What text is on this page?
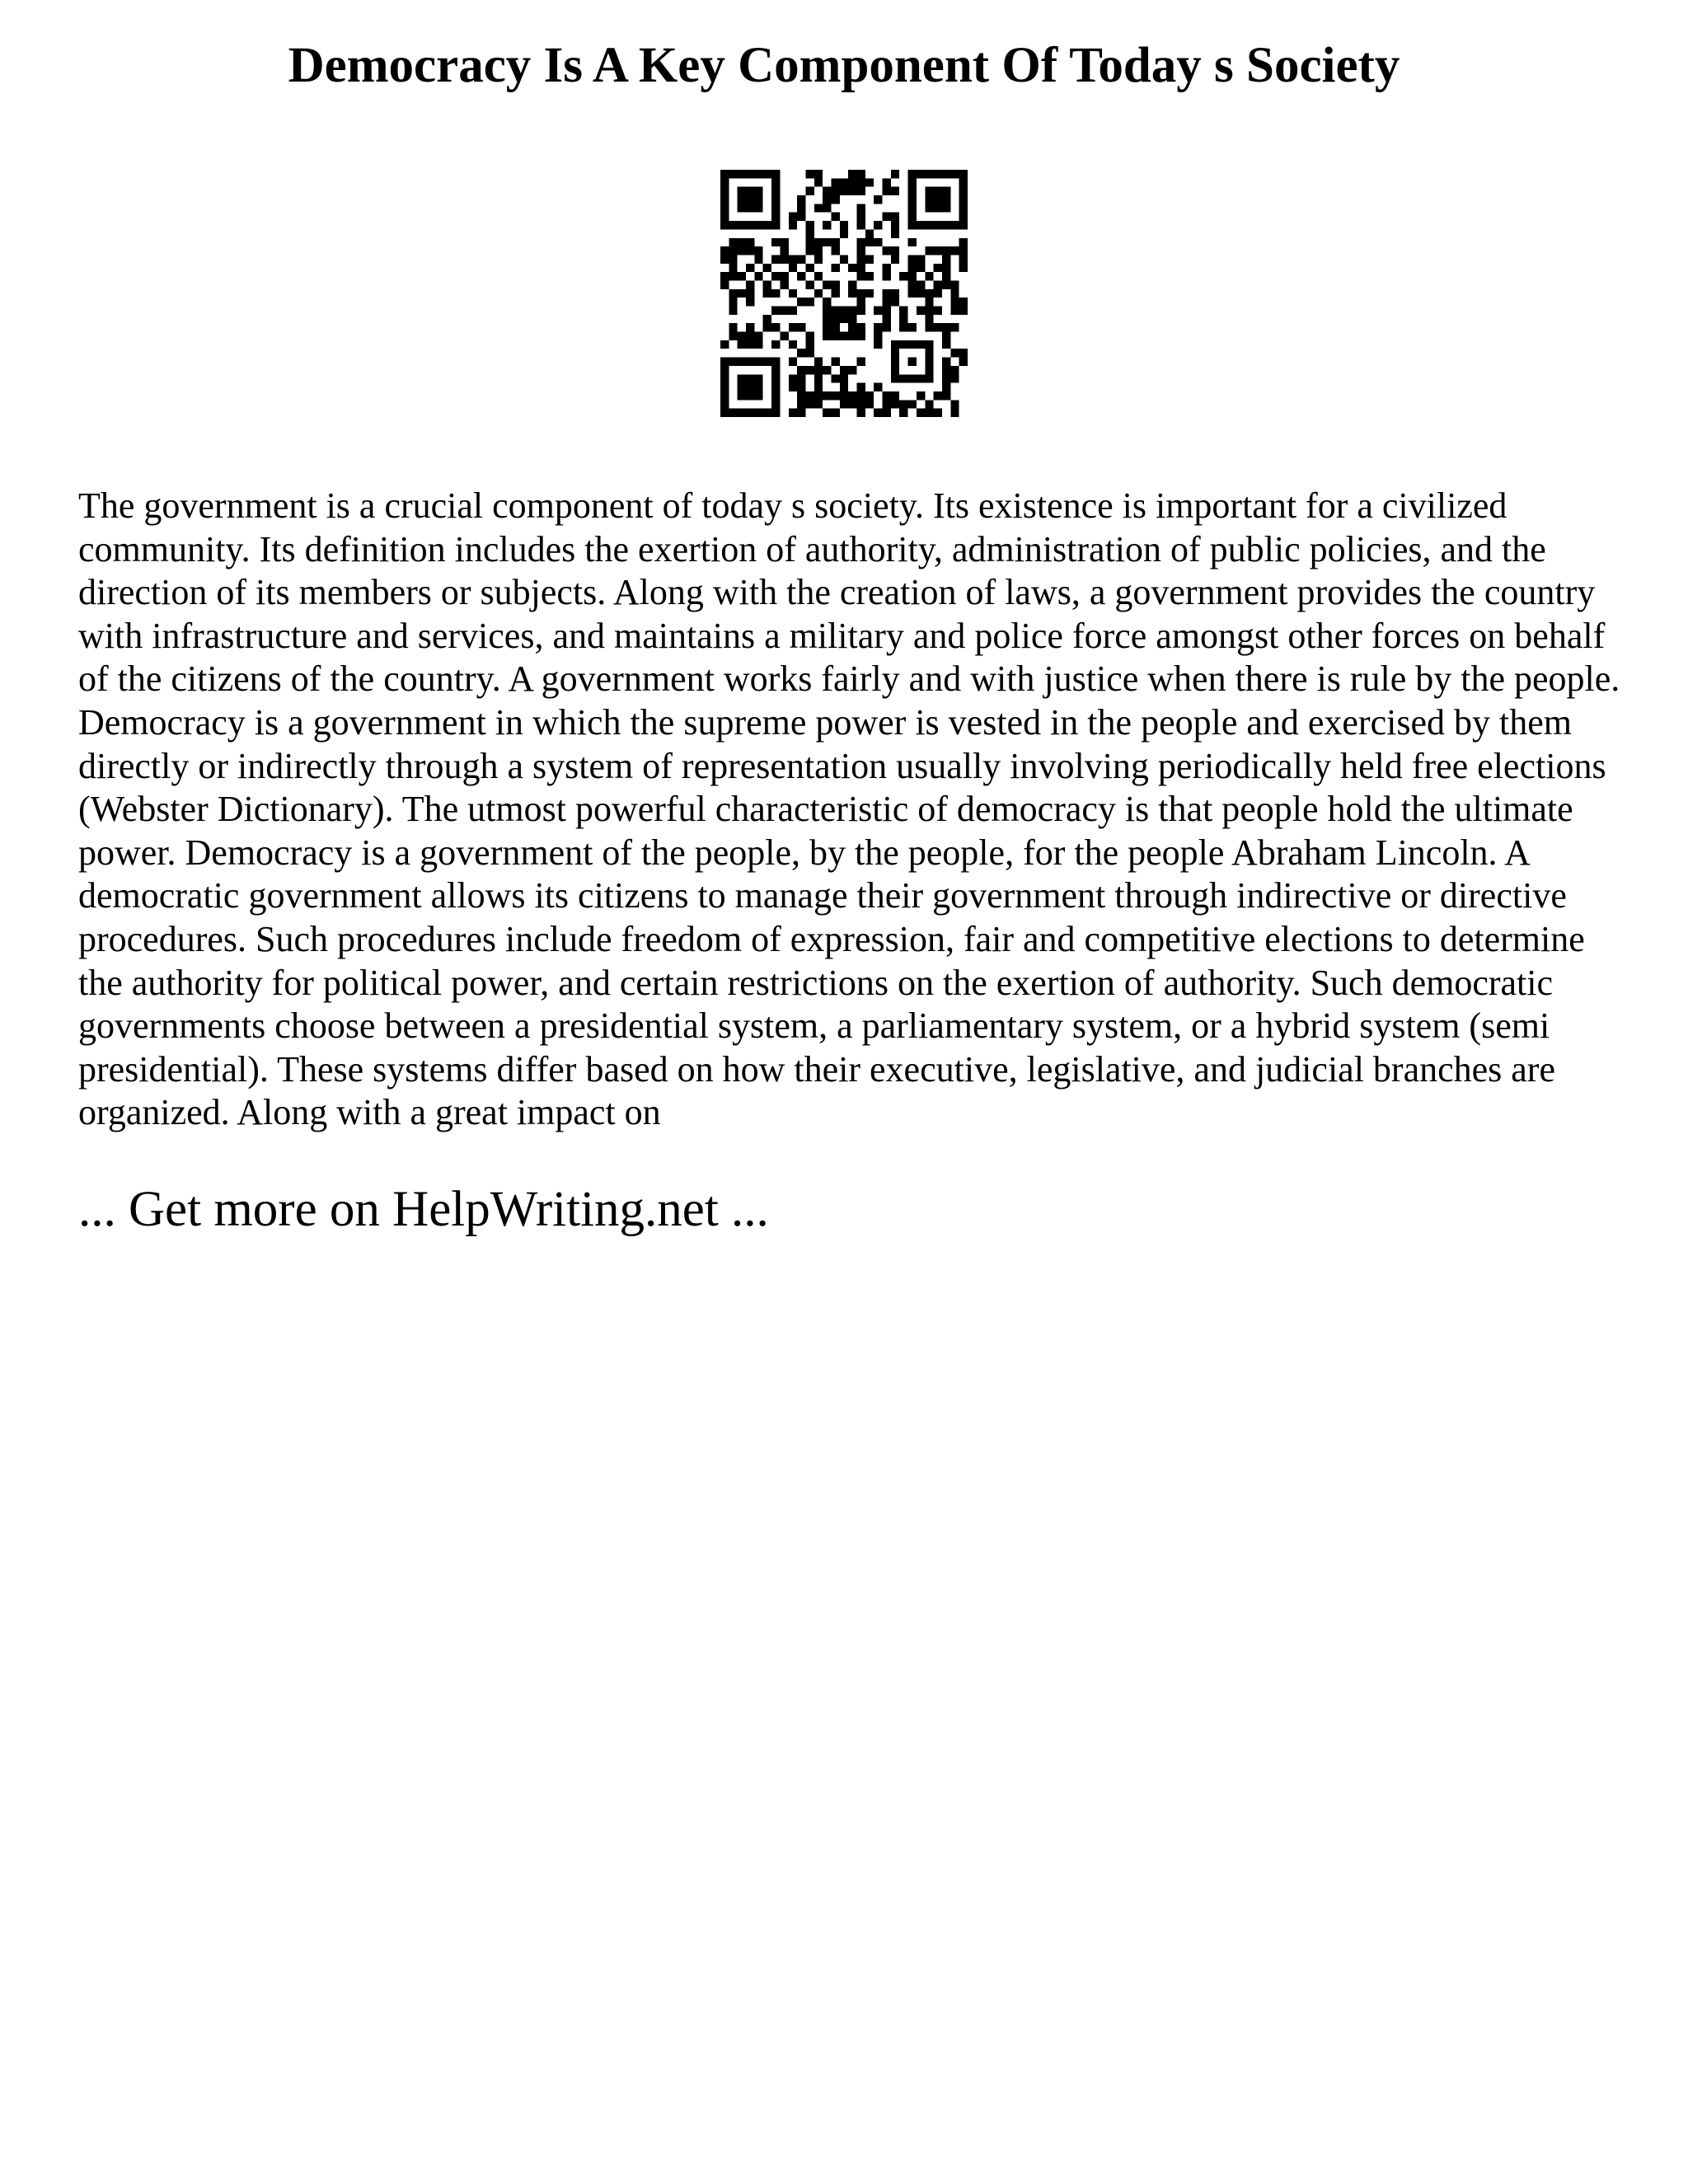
Democracy Is A Key Component Of Today s Society

The government is a crucial component of today s society. Its existence is important for a civilized community. Its definition includes the exertion of authority, administration of public policies, and the direction of its members or subjects. Along with the creation of laws, a government provides the country with infrastructure and services, and maintains a military and police force amongst other forces on behalf of the citizens of the country. A government works fairly and with justice when there is rule by the people. Democracy is a government in which the supreme power is vested in the people and exercised by them directly or indirectly through a system of representation usually involving periodically held free elections (Webster Dictionary). The utmost powerful characteristic of democracy is that people hold the ultimate power. Democracy is a government of the people, by the people, for the people Abraham Lincoln. A democratic government allows its citizens to manage their government through indirective or directive procedures. Such procedures include freedom of expression, fair and competitive elections to determine the authority for political power, and certain restrictions on the exertion of authority. Such democratic governments choose between a presidential system, a parliamentary system, or a hybrid system (semi presidential). These systems differ based on how their executive, legislative, and judicial branches are organized. Along with a great impact on

... Get more on HelpWriting.net ...
